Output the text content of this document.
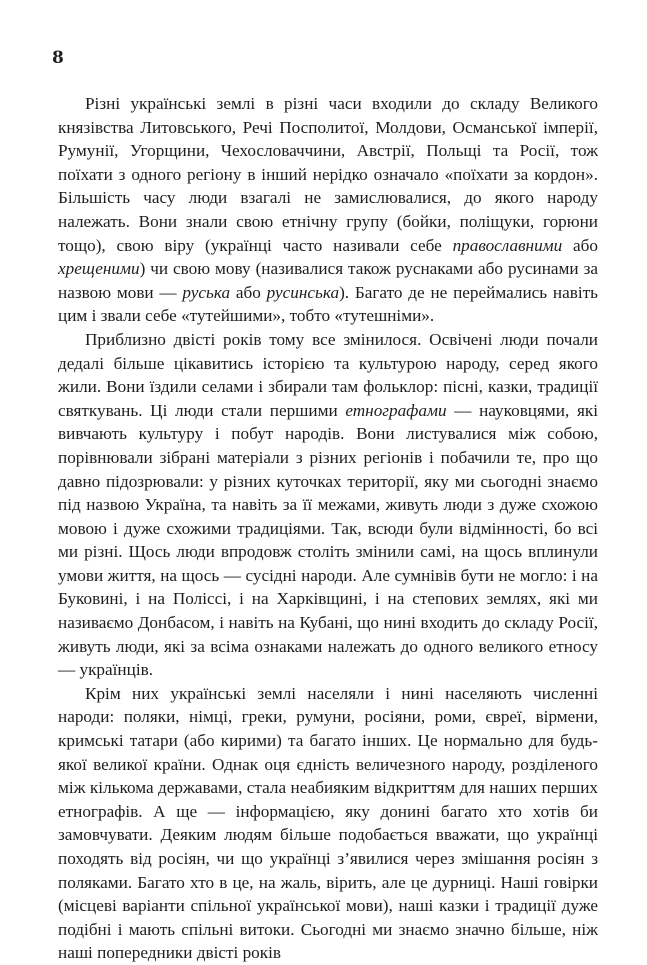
8

Різні українські землі в різні часи входили до складу Великого князівства Литовського, Речі Посполитої, Молдови, Османської імперії, Румунії, Угорщини, Чехословаччини, Австрії, Польщі та Росії, тож поїхати з одного регіону в інший нерідко означало «поїхати за кордон». Більшість часу люди взагалі не замислювалися, до якого народу належать. Вони знали свою етнічну групу (бойки, поліщуки, горюни тощо), свою віру (українці часто називали себе православними або хрещеними) чи свою мову (називалися також руснаками або русинами за назвою мови — руська або русинська). Багато де не переймались навіть цим і звали себе «тутейшими», тобто «тутешніми».

Приблизно двісті років тому все змінилося. Освічені люди почали дедалі більше цікавитись історією та культурою народу, серед якого жили. Вони їздили селами і збирали там фольклор: пісні, казки, традиції святкувань. Ці люди стали першими етнографами — науковцями, які вивчають культуру і побут народів. Вони листувалися між собою, порівнювали зібрані матеріали з різних регіонів і побачили те, про що давно підозрювали: у різних куточках території, яку ми сьогодні знаємо під назвою Україна, та навіть за її межами, живуть люди з дуже схожою мовою і дуже схожими традиціями. Так, всюди були відмінності, бо всі ми різні. Щось люди впродовж століть змінили самі, на щось вплинули умови життя, на щось — сусідні народи. Але сумнівів бути не могло: і на Буковині, і на Поліссі, і на Харківщині, і на степових землях, які ми називаємо Донбасом, і навіть на Кубані, що нині входить до складу Росії, живуть люди, які за всіма ознаками належать до одного великого етносу — українців.

Крім них українські землі населяли і нині населяють численні народи: поляки, німці, греки, румуни, росіяни, роми, євреї, вірмени, кримські татари (або кирими) та багато інших. Це нормально для будь-якої великої країни. Однак оця єдність величезного народу, розділеного між кількома державами, стала неабияким відкриттям для наших перших етнографів. А ще — інформацією, яку донині багато хто хотів би замовчувати. Деяким людям більше подобається вважати, що українці походять від росіян, чи що українці з’явилися через змішання росіян з поляками. Багато хто в це, на жаль, вірить, але це дурниці. Наші говірки (місцеві варіанти спільної української мови), наші казки і традиції дуже подібні і мають спільні витоки. Сьогодні ми знаємо значно більше, ніж наші попередники двісті років
